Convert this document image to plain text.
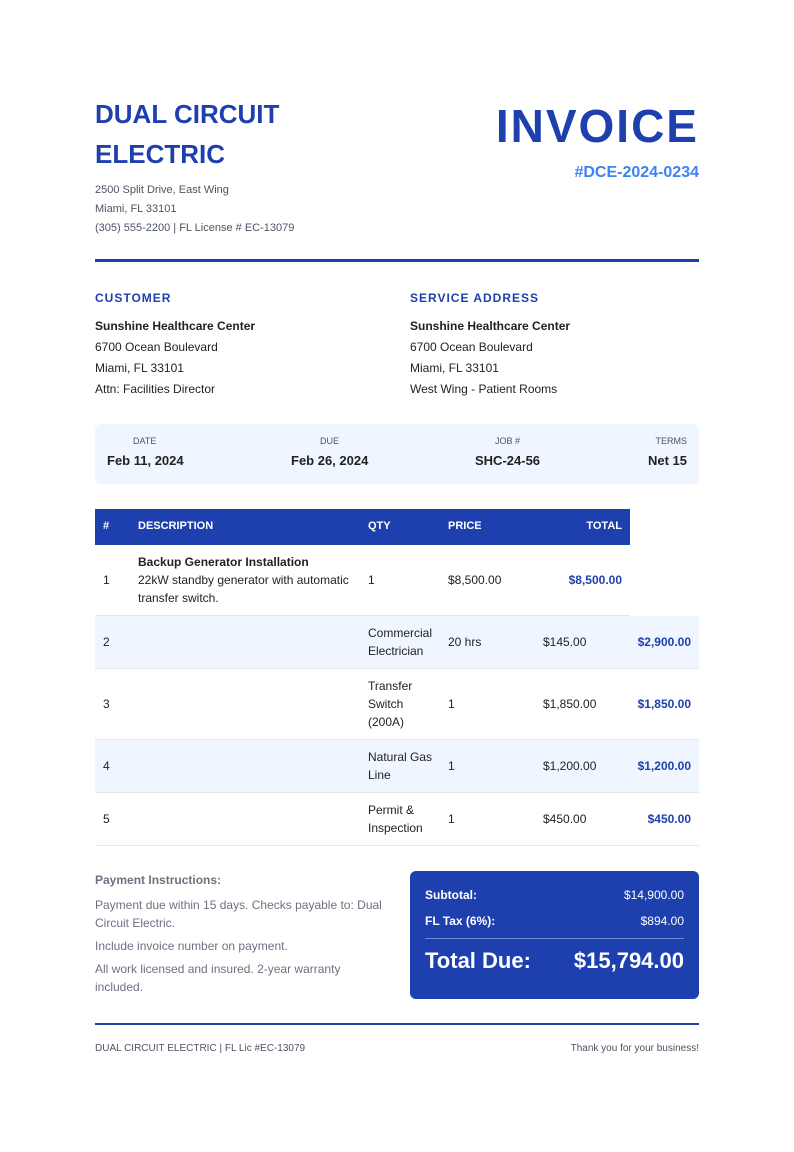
DUAL CIRCUIT ELECTRIC
2500 Split Drive, East Wing
Miami, FL 33101
(305) 555-2200 | FL License # EC-13079
INVOICE
#DCE-2024-0234
CUSTOMER
Sunshine Healthcare Center
6700 Ocean Boulevard
Miami, FL 33101
Attn: Facilities Director
SERVICE ADDRESS
Sunshine Healthcare Center
6700 Ocean Boulevard
Miami, FL 33101
West Wing - Patient Rooms
DATE
Feb 11, 2024
DUE
Feb 26, 2024
JOB #
SHC-24-56
TERMS
Net 15
#	DESCRIPTION	QTY	PRICE	TOTAL
1
Backup Generator Installation
22kW standby generator with automatic transfer switch.
1	$8,500.00	$8,500.00
2
Commercial Electrician
20 hrs	$145.00	$2,900.00
3
Transfer Switch (200A)
1	$1,850.00	$1,850.00
4
Natural Gas Line
1	$1,200.00	$1,200.00
5
Permit & Inspection
1	$450.00	$450.00
Payment Instructions:

Payment due within 15 days. Checks payable to: Dual Circuit Electric.

Include invoice number on payment.

All work licensed and insured. 2-year warranty included.

Subtotal:	$14,900.00
FL Tax (6%):	$894.00
Total Due: $15,794.00
DUAL CIRCUIT ELECTRIC | FL Lic #EC-13079	Thank you for your business!
